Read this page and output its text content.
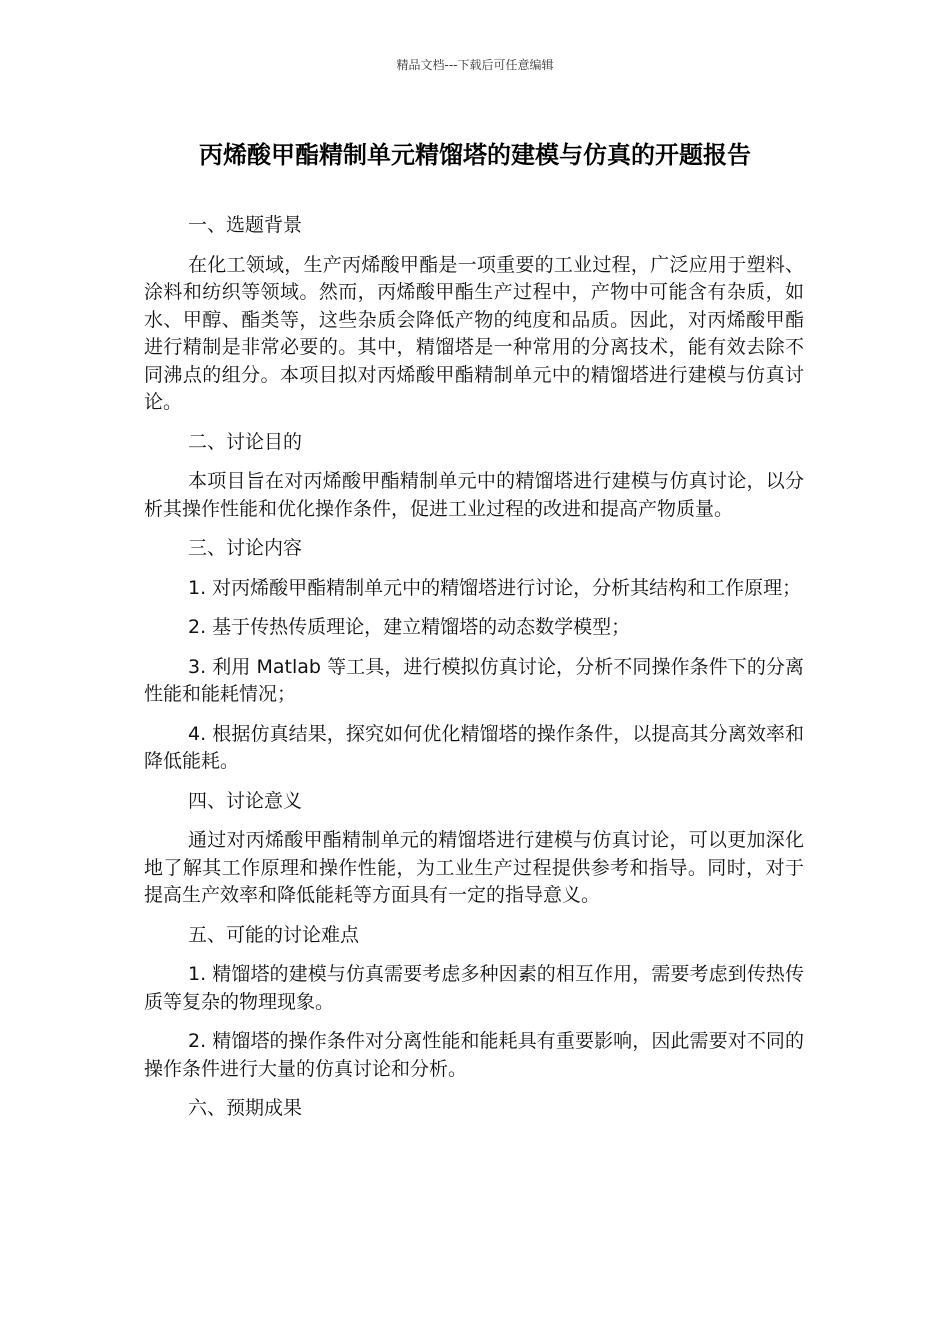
精品文档---下载后可任意编辑
丙烯酸甲酯精制单元精馏塔的建模与仿真的开题报告
一、选题背景
在化工领域，生产丙烯酸甲酯是一项重要的工业过程，广泛应用于塑料、涂料和纺织等领域。然而，丙烯酸甲酯生产过程中，产物中可能含有杂质，如水、甲醇、酯类等，这些杂质会降低产物的纯度和品质。因此，对丙烯酸甲酯进行精制是非常必要的。其中，精馏塔是一种常用的分离技术，能有效去除不同沸点的组分。本项目拟对丙烯酸甲酯精制单元中的精馏塔进行建模与仿真讨论。
二、讨论目的
本项目旨在对丙烯酸甲酯精制单元中的精馏塔进行建模与仿真讨论，以分析其操作性能和优化操作条件，促进工业过程的改进和提高产物质量。
三、讨论内容
1. 对丙烯酸甲酯精制单元中的精馏塔进行讨论，分析其结构和工作原理；
2. 基于传热传质理论，建立精馏塔的动态数学模型；
3. 利用 Matlab 等工具，进行模拟仿真讨论，分析不同操作条件下的分离性能和能耗情况；
4. 根据仿真结果，探究如何优化精馏塔的操作条件，以提高其分离效率和降低能耗。
四、讨论意义
通过对丙烯酸甲酯精制单元的精馏塔进行建模与仿真讨论，可以更加深化地了解其工作原理和操作性能，为工业生产过程提供参考和指导。同时，对于提高生产效率和降低能耗等方面具有一定的指导意义。
五、可能的讨论难点
1. 精馏塔的建模与仿真需要考虑多种因素的相互作用，需要考虑到传热传质等复杂的物理现象。
2. 精馏塔的操作条件对分离性能和能耗具有重要影响，因此需要对不同的操作条件进行大量的仿真讨论和分析。
六、预期成果
